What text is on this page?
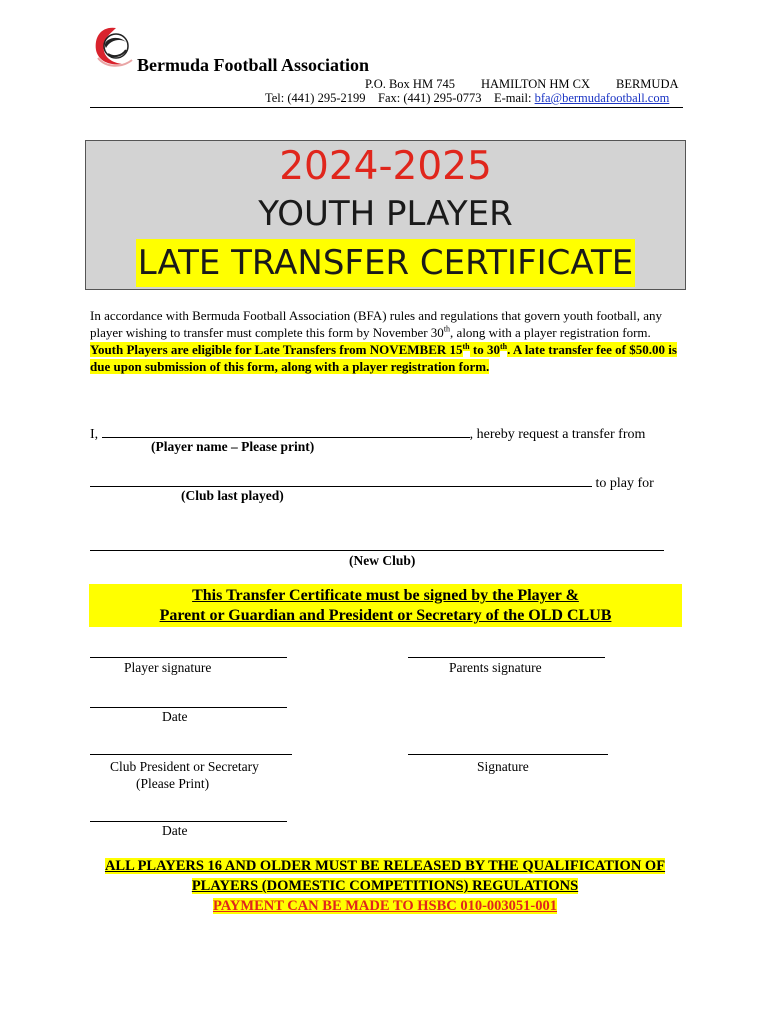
Bermuda Football Association
P.O. Box HM 745 HAMILTON HM CX BERMUDA
Tel: (441) 295-2199 Fax: (441) 295-0773 E-mail: bfa@bermudafootball.com
2024-2025
YOUTH PLAYER
LATE TRANSFER CERTIFICATE
In accordance with Bermuda Football Association (BFA) rules and regulations that govern youth football, any player wishing to transfer must complete this form by November 30th, along with a player registration form. Youth Players are eligible for Late Transfers from NOVEMBER 15th to 30th. A late transfer fee of $50.00 is due upon submission of this form, along with a player registration form.
I,	, hereby request a transfer from
(Player name – Please print)
to play for
(Club last played)
(New Club)
This Transfer Certificate must be signed by the Player &
Parent or Guardian and President or Secretary of the OLD CLUB
Player signature	Parents signature
Date
Club President or Secretary
(Please Print)
Signature
Date
ALL PLAYERS 16 AND OLDER MUST BE RELEASED BY THE QUALIFICATION OF
PLAYERS (DOMESTIC COMPETITIONS) REGULATIONS
PAYMENT CAN BE MADE TO HSBC 010-003051-001
